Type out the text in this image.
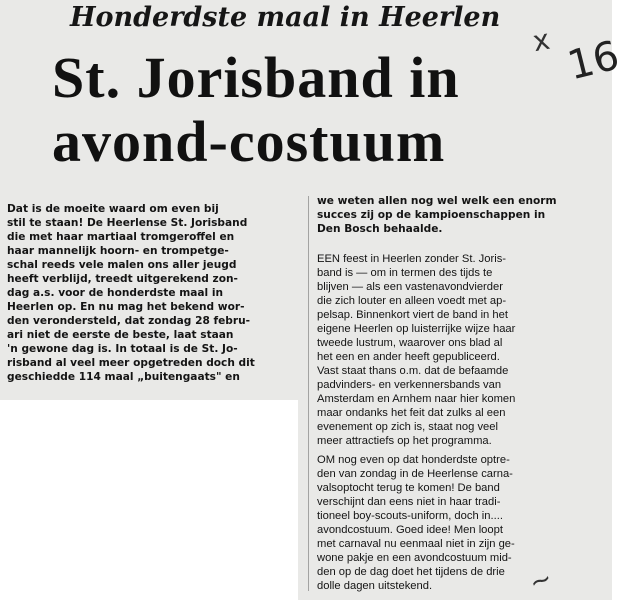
Honderdste maal in Heerlen
St. Jorisband in
avond-costuum
x 16
~
Dat is de moeite waard om even bij
stil te staan! De Heerlense St. Jorisband
die met haar martiaal tromgeroffel en
haar mannelijk hoorn- en trompetge-
schal reeds vele malen ons aller jeugd
heeft verblijd, treedt uitgerekend zon-
dag a.s. voor de honderdste maal in
Heerlen op. En nu mag het bekend wor-
den verondersteld, dat zondag 28 febru-
ari niet de eerste de beste, laat staan
'n gewone dag is. In totaal is de St. Jo-
risband al veel meer opgetreden doch dit
geschiedde 114 maal „buitengaats" en
we weten allen nog wel welk een enorm
succes zij op de kampioenschappen in
Den Bosch behaalde.
EEN feest in Heerlen zonder St. Joris-
band is — om in termen des tijds te
blijven — als een vastenavondvierder
die zich louter en alleen voedt met ap-
pelsap. Binnenkort viert de band in het
eigene Heerlen op luisterrijke wijze haar
tweede lustrum, waarover ons blad al
het een en ander heeft gepubliceerd.
Vast staat thans o.m. dat de befaamde
padvinders- en verkennersbands van
Amsterdam en Arnhem naar hier komen
maar ondanks het feit dat zulks al een
evenement op zich is, staat nog veel
meer attractiefs op het programma.
OM nog even op dat honderdste optre-
den van zondag in de Heerlense carna-
valsoptocht terug te komen! De band
verschijnt dan eens niet in haar tradi-
tioneel boy-scouts-uniform, doch in....
avondcostuum. Goed idee! Men loopt
met carnaval nu eenmaal niet in zijn ge-
wone pakje en een avondcostuum mid-
den op de dag doet het tijdens de drie
dolle dagen uitstekend.
